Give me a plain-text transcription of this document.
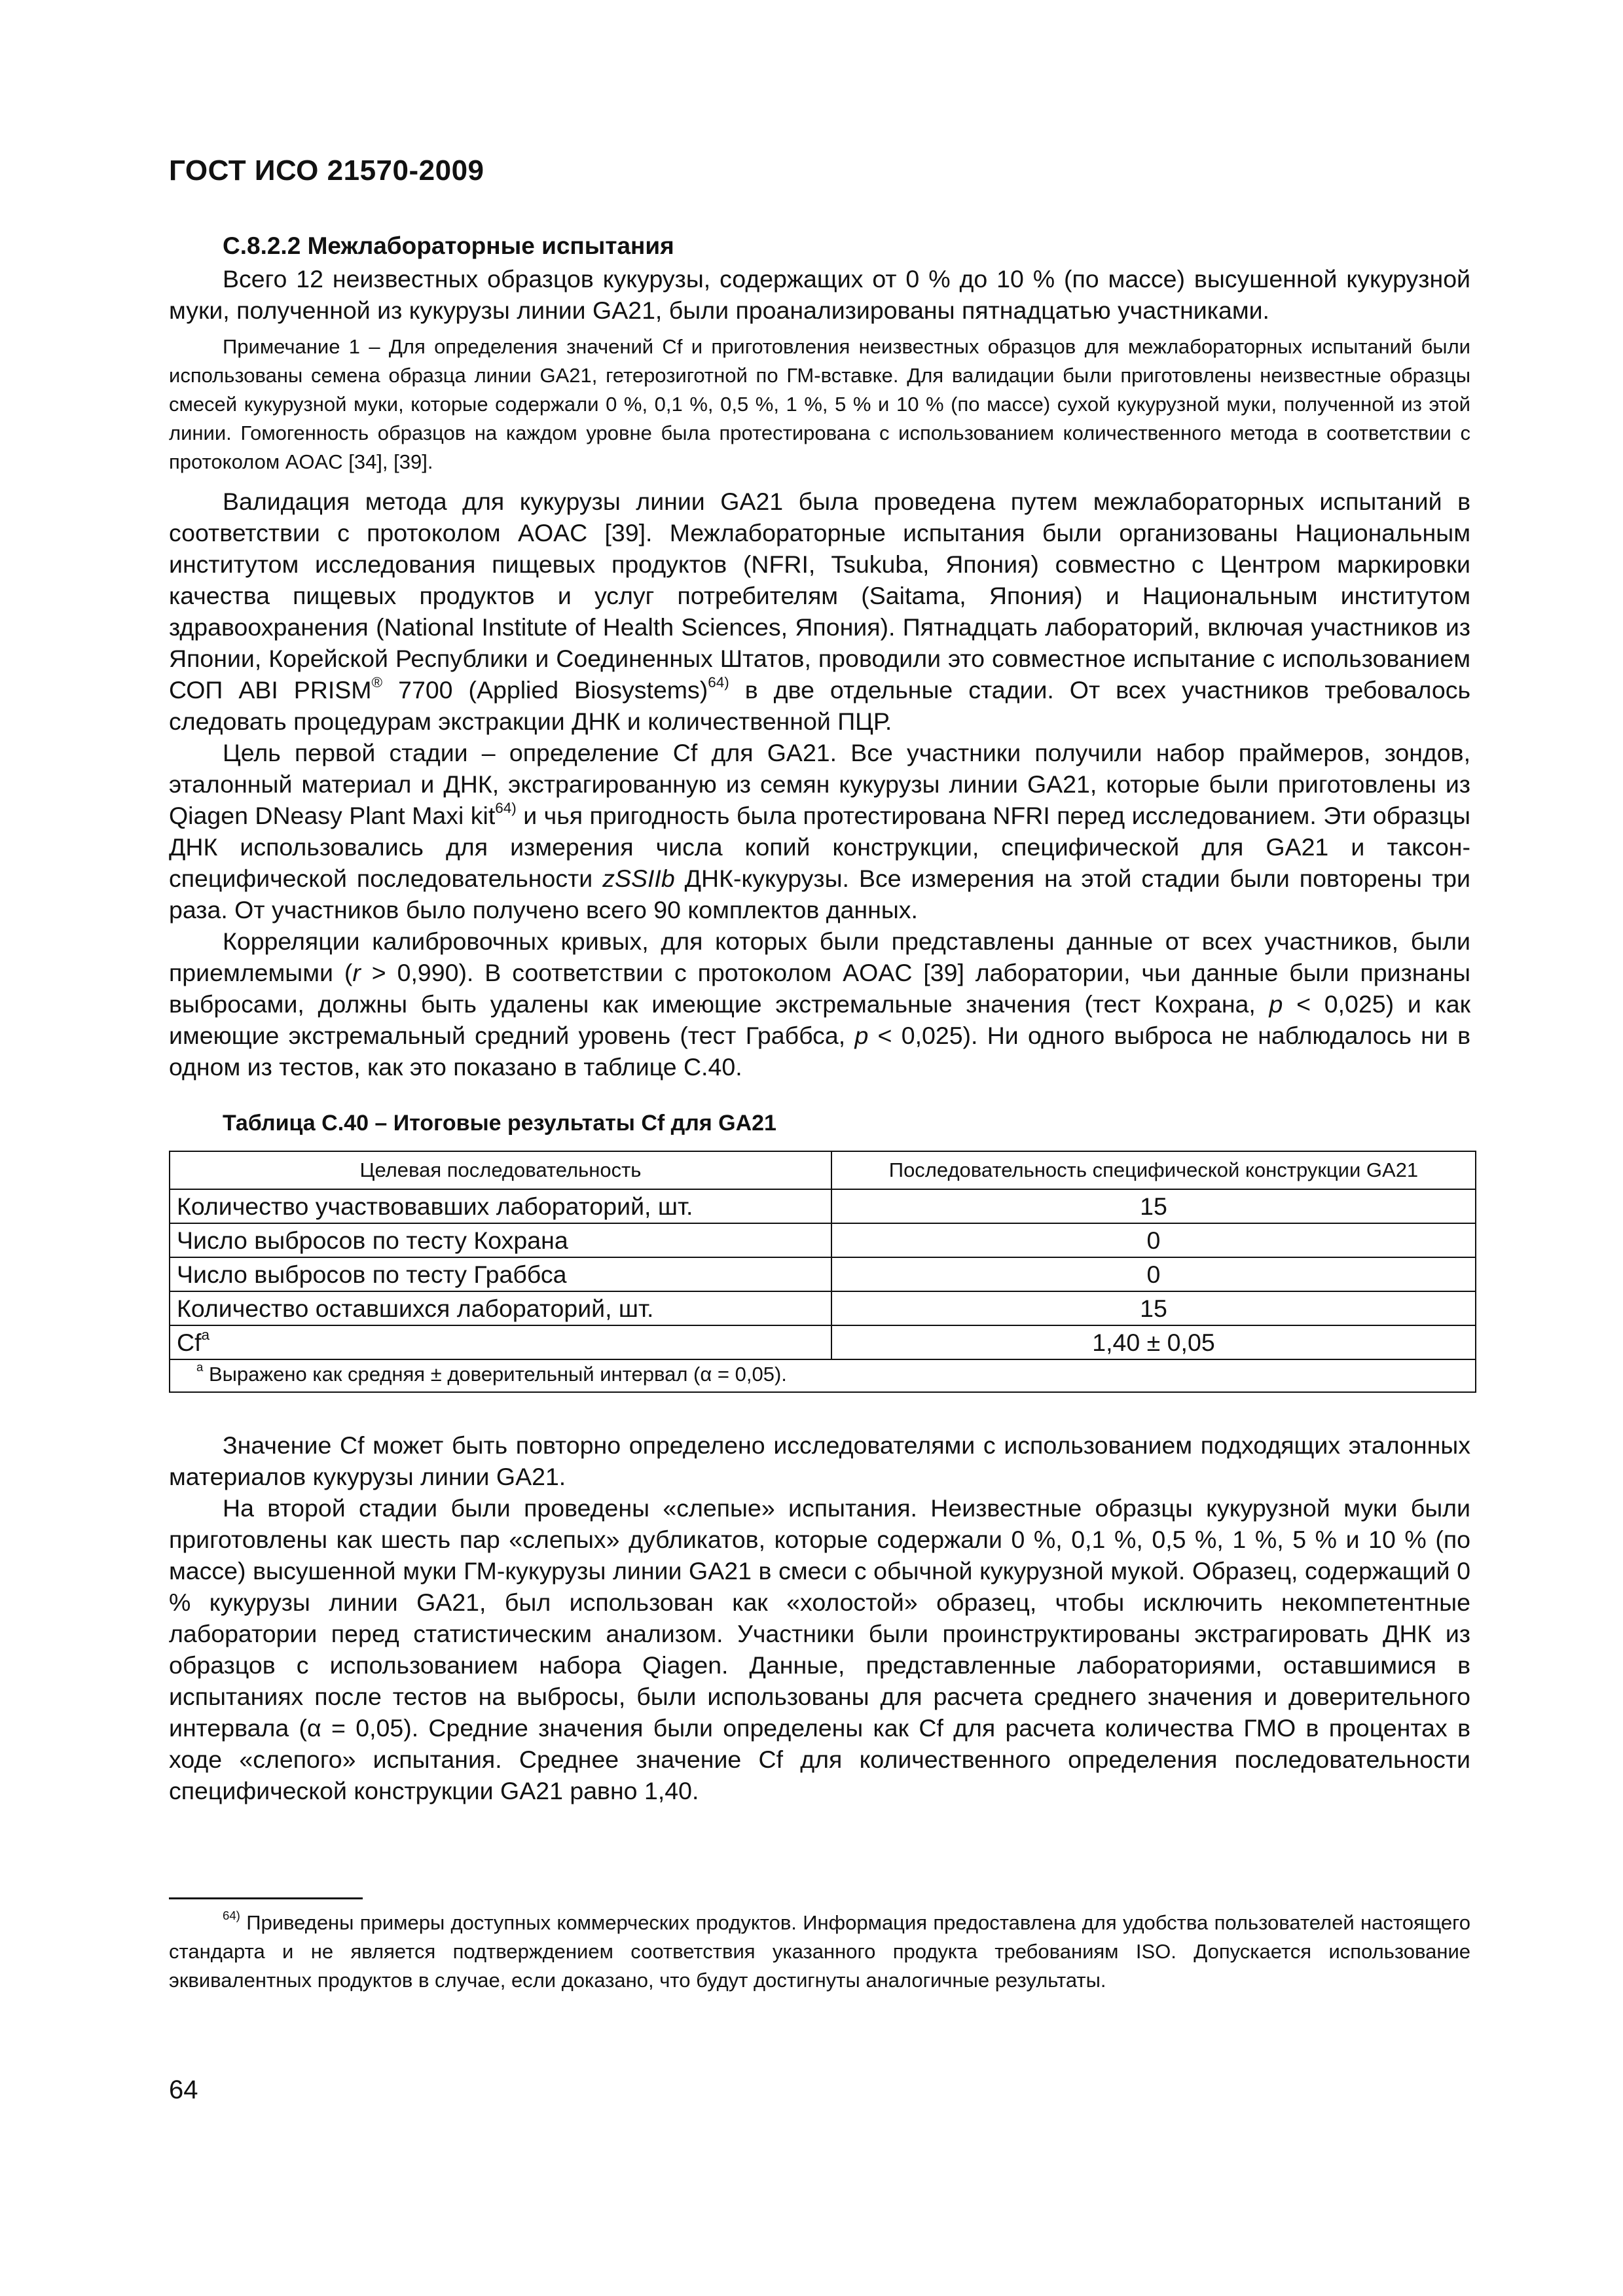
ГОСТ ИСО 21570-2009
C.8.2.2 Межлабораторные испытания

Всего 12 неизвестных образцов кукурузы, содержащих от 0 % до 10 % (по массе) высушенной кукурузной муки, полученной из кукурузы линии GA21, были проанализированы пятнадцатью участниками.

Примечание 1 – Для определения значений Cf и приготовления неизвестных образцов для межлабораторных испытаний были использованы семена образца линии GA21, гетерозиготной по ГМ-вставке. Для валидации были приготовлены неизвестные образцы смесей кукурузной муки, которые содержали 0 %, 0,1 %, 0,5 %, 1 %, 5 % и 10 % (по массе) сухой кукурузной муки, полученной из этой линии. Гомогенность образцов на каждом уровне была протестирована с использованием количественного метода в соответствии с протоколом AOAC [34], [39].

Валидация метода для кукурузы линии GA21 была проведена путем межлабораторных испытаний в соответствии с протоколом AOAC [39]. Межлабораторные испытания были организованы Национальным институтом исследования пищевых продуктов (NFRI, Tsukuba, Япония) совместно с Центром маркировки качества пищевых продуктов и услуг потребителям (Saitama, Япония) и Национальным институтом здравоохранения (National Institute of Health Sciences, Япония). Пятнадцать лабораторий, включая участников из Японии, Корейской Республики и Соединенных Штатов, проводили это совместное испытание с использованием СОП ABI PRISM® 7700 (Applied Biosystems)$^{64)}$ в две отдельные стадии. От всех участников требовалось следовать процедурам экстракции ДНК и количественной ПЦР.

Цель первой стадии – определение Cf для GA21. Все участники получили набор праймеров, зондов, эталонный материал и ДНК, экстрагированную из семян кукурузы линии GA21, которые были приготовлены из Qiagen DNeasy Plant Maxi kit$^{64)}$ и чья пригодность была протестирована NFRI перед исследованием. Эти образцы ДНК использовались для измерения числа копий конструкции, специфической для GA21 и таксон-специфической последовательности zSSIIb ДНК-кукурузы. Все измерения на этой стадии были повторены три раза. От участников было получено всего 90 комплектов данных.

Корреляции калибровочных кривых, для которых были представлены данные от всех участников, были приемлемыми (r > 0,990). В соответствии с протоколом AOAC [39] лаборатории, чьи данные были признаны выбросами, должны быть удалены как имеющие экстремальные значения (тест Кохрана, p < 0,025) и как имеющие экстремальный средний уровень (тест Граббса, p < 0,025). Ни одного выброса не наблюдалось ни в одном из тестов, как это показано в таблице C.40.

Таблица C.40 – Итоговые результаты Cf для GA21
Целевая последовательность	Последовательность специфической конструкции GA21
Количество участвовавших лабораторий, шт.	15
Число выбросов по тесту Кохрана	0
Число выбросов по тесту Граббса	0
Количество оставшихся лабораторий, шт.	15
Cf$^a$	1,40 ± 0,05
$^a$ Выражено как средняя ± доверительный интервал (α = 0,05).	

Значение Cf может быть повторно определено исследователями с использованием подходящих эталонных материалов кукурузы линии GA21.

На второй стадии были проведены «слепые» испытания. Неизвестные образцы кукурузной муки были приготовлены как шесть пар «слепых» дубликатов, которые содержали 0 %, 0,1 %, 0,5 %, 1 %, 5 % и 10 % (по массе) высушенной муки ГМ-кукурузы линии GA21 в смеси с обычной кукурузной мукой. Образец, содержащий 0 % кукурузы линии GA21, был использован как «холостой» образец, чтобы исключить некомпетентные лаборатории перед статистическим анализом. Участники были проинструктированы экстрагировать ДНК из образцов с использованием набора Qiagen. Данные, представленные лабораториями, оставшимися в испытаниях после тестов на выбросы, были использованы для расчета среднего значения и доверительного интервала (α = 0,05). Средние значения были определены как Cf для расчета количества ГМО в процентах в ходе «слепого» испытания. Среднее значение Cf для количественного определения последовательности специфической конструкции GA21 равно 1,40.

$^{64)}$ Приведены примеры доступных коммерческих продуктов. Информация предоставлена для удобства пользователей настоящего стандарта и не является подтверждением соответствия указанного продукта требованиям ISO. Допускается использование эквивалентных продуктов в случае, если доказано, что будут достигнуты аналогичные результаты.
64
